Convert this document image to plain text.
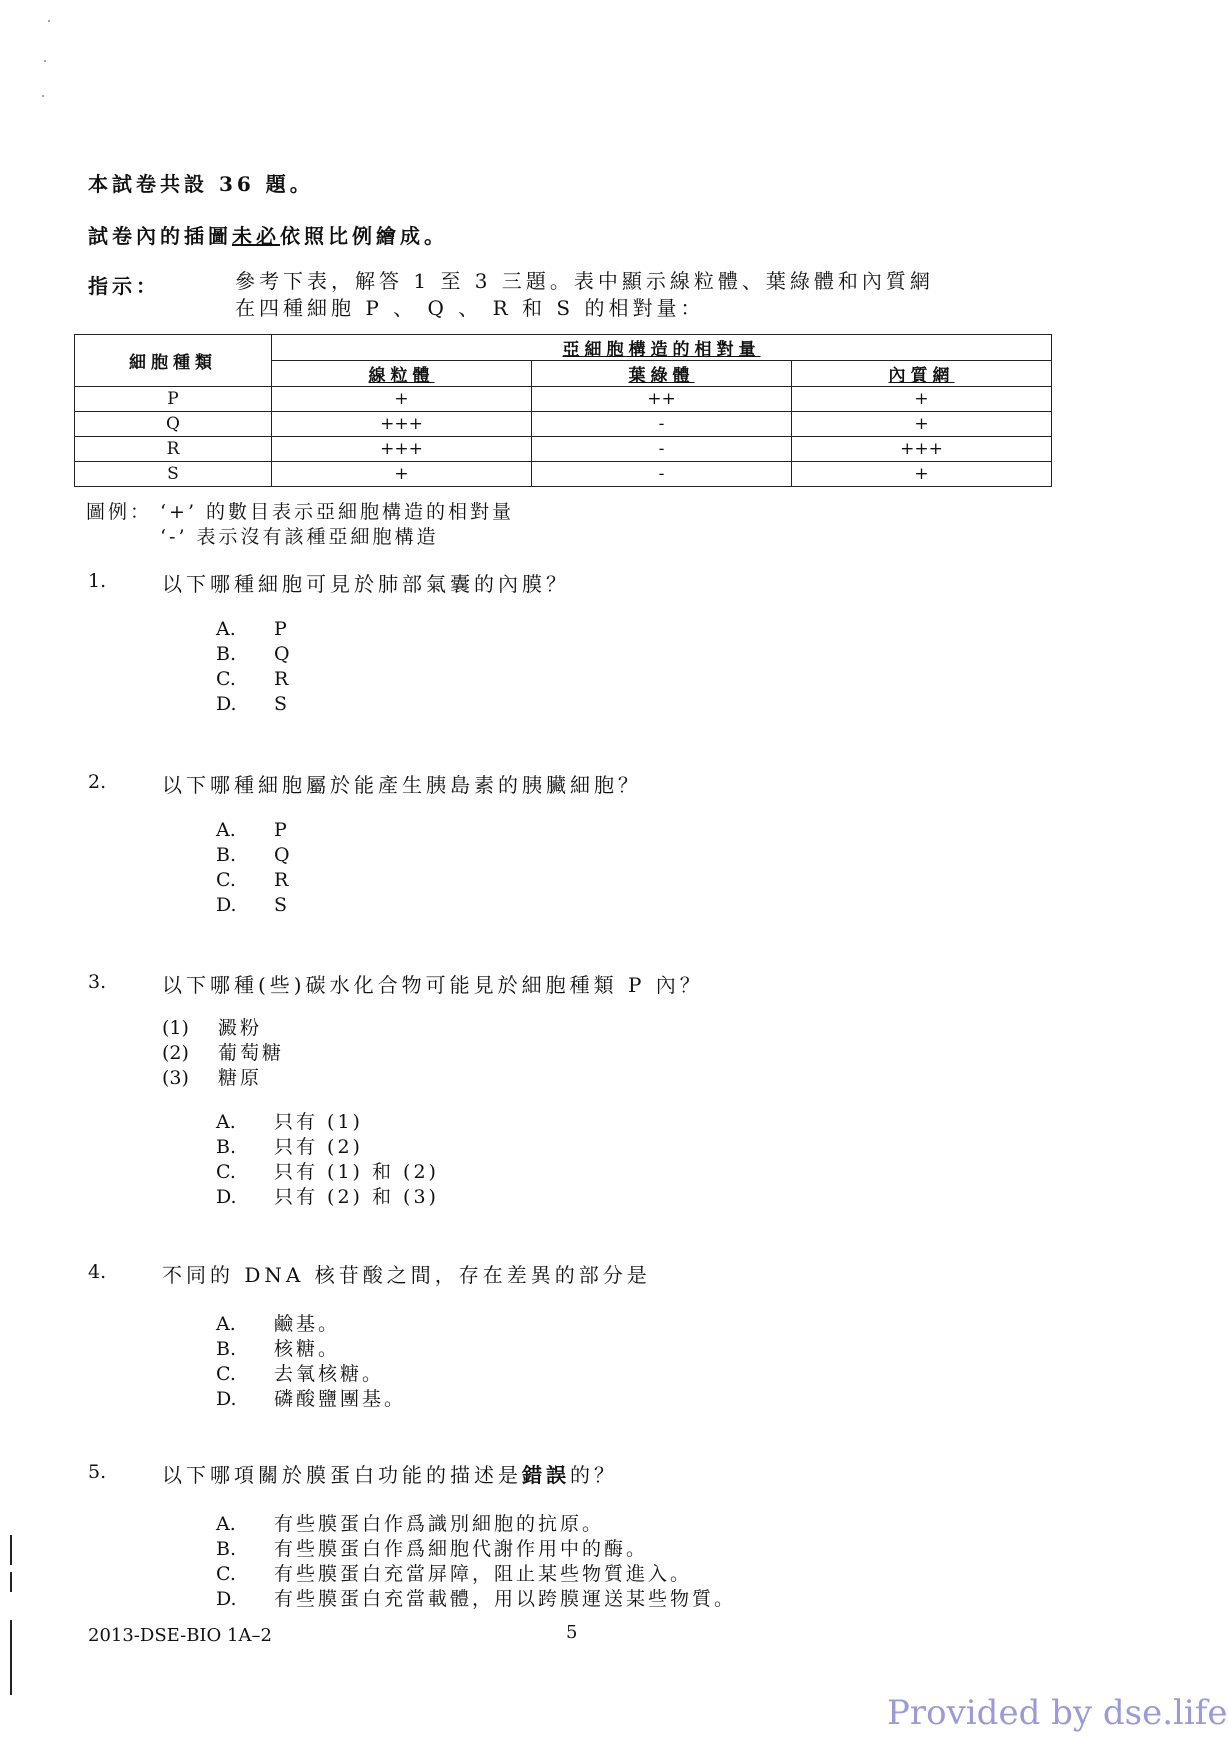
本試卷共設 36 題。
試卷內的插圖未必依照比例繪成。
指示：	參考下表，解答 1 至 3 三題。表中顯示線粒體、葉綠體和內質網
在四種細胞 P 、 Q 、 R 和 S 的相對量：
細胞種類	亞細胞構造的相對量		
	線粒體	葉綠體	內質網
P	+	++	+
Q	+++	-	+
R	+++	-	+++
S	+	-	+
圖例： ‘+’ 的數目表示亞細胞構造的相對量
‘-’ 表示沒有該種亞細胞構造
1.	以下哪種細胞可見於肺部氣囊的內膜？
A. P
B. Q
C. R
D. S
2.	以下哪種細胞屬於能產生胰島素的胰臟細胞？
A. P
B. Q
C. R
D. S
3.	以下哪種(些)碳水化合物可能見於細胞種類 P 內？
(1) 澱粉
(2) 葡萄糖
(3) 糖原
A. 只有 (1)
B. 只有 (2)
C. 只有 (1) 和 (2)
D. 只有 (2) 和 (3)
4.	不同的 DNA 核苷酸之間，存在差異的部分是
A. 鹼基。
B. 核糖。
C. 去氧核糖。
D. 磷酸鹽團基。
5.	以下哪項關於膜蛋白功能的描述是錯誤的？
A. 有些膜蛋白作爲識別細胞的抗原。
B. 有些膜蛋白作爲細胞代謝作用中的酶。
C. 有些膜蛋白充當屏障，阻止某些物質進入。
D. 有些膜蛋白充當載體，用以跨膜運送某些物質。
2013-DSE-BIO 1A–2	5
Provided by dse.life
